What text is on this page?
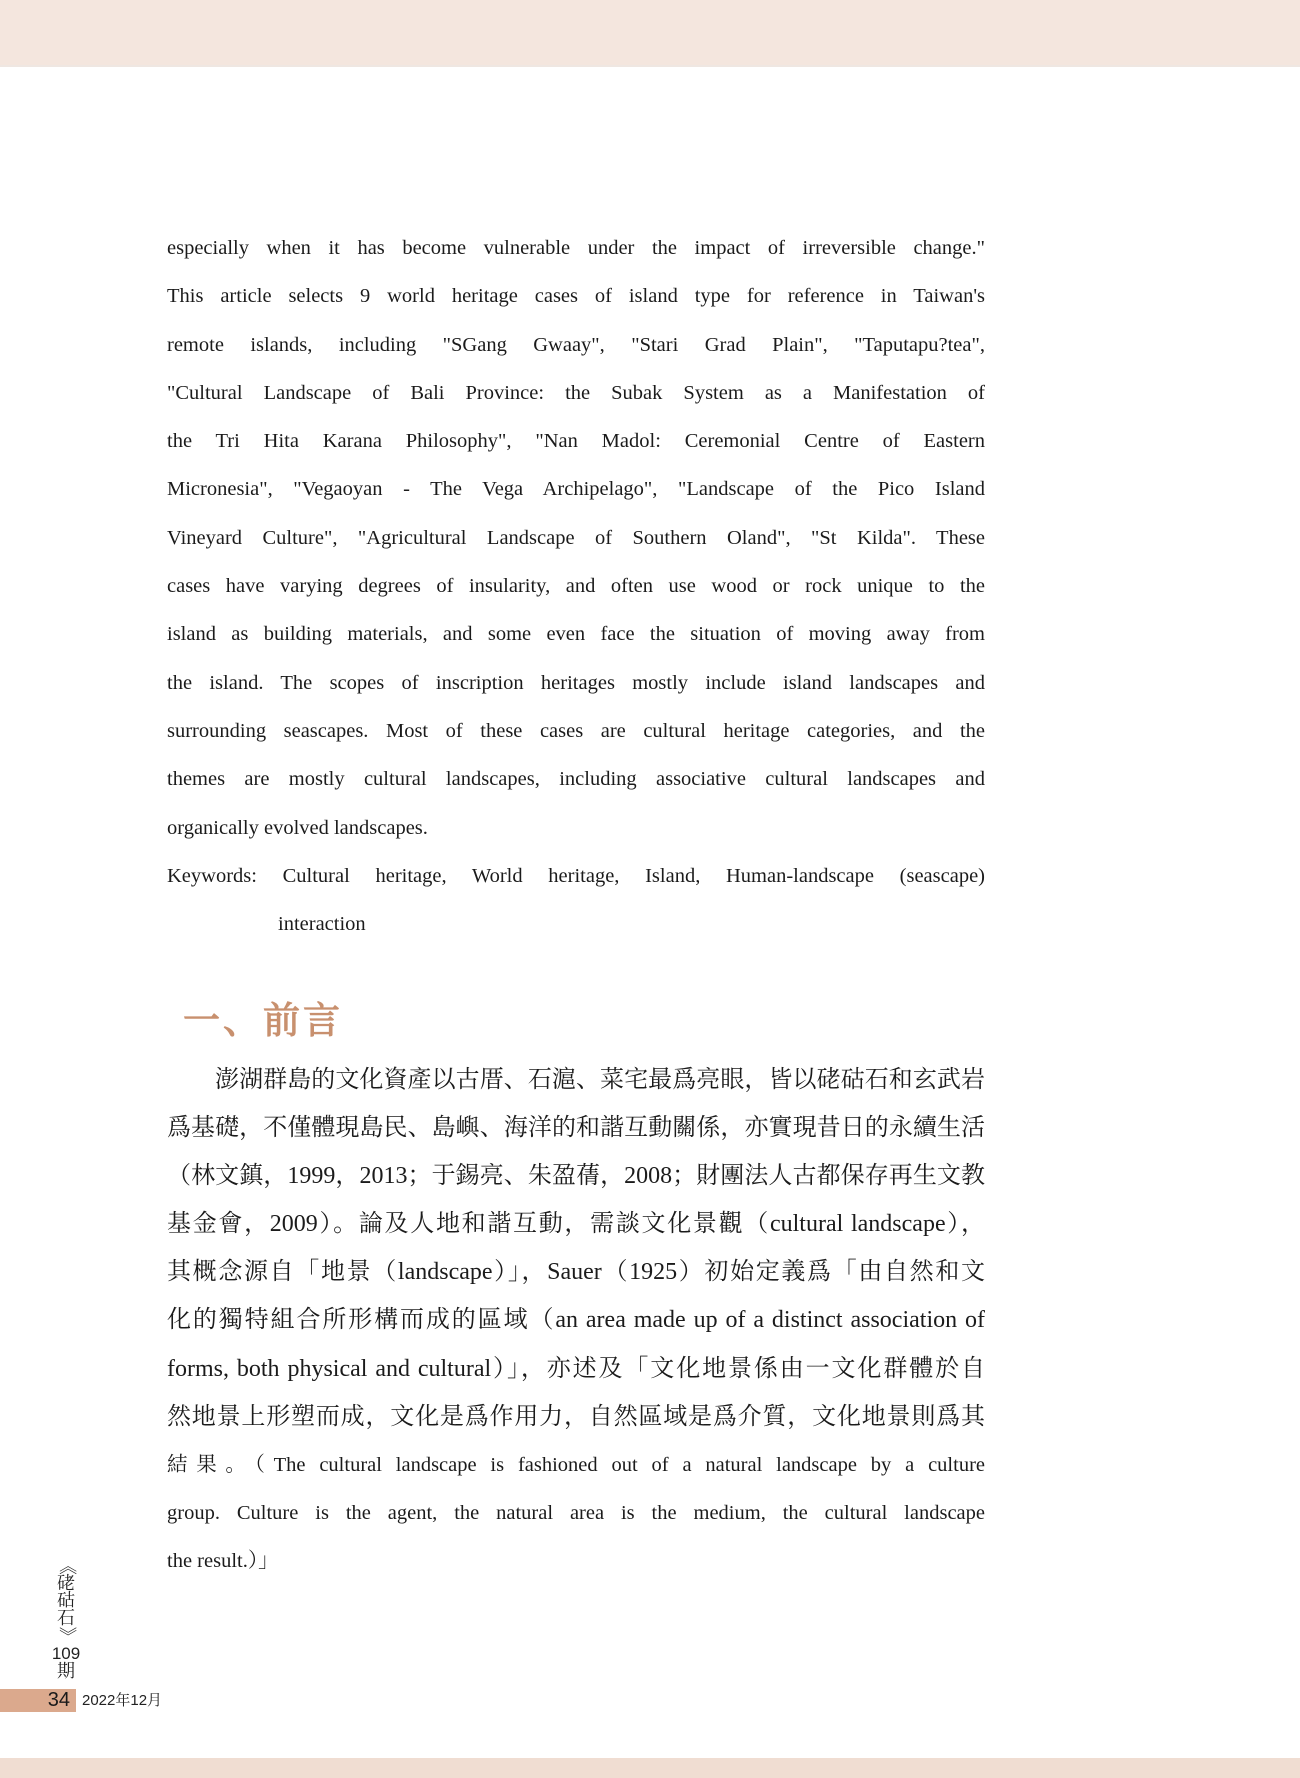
especially when it has become vulnerable under the impact of irreversible change."
This article selects 9 world heritage cases of island type for reference in Taiwan's
remote islands, including "SGang Gwaay", "Stari Grad Plain", "Taputapu?tea",
"Cultural Landscape of Bali Province: the Subak System as a Manifestation of
the Tri Hita Karana Philosophy", "Nan Madol: Ceremonial Centre of Eastern
Micronesia", "Vegaoyan - The Vega Archipelago", "Landscape of the Pico Island
Vineyard Culture", "Agricultural Landscape of Southern Oland", "St Kilda". These
cases have varying degrees of insularity, and often use wood or rock unique to the
island as building materials, and some even face the situation of moving away from
the island. The scopes of inscription heritages mostly include island landscapes and
surrounding seascapes. Most of these cases are cultural heritage categories, and the
themes are mostly cultural landscapes, including associative cultural landscapes and
organically evolved landscapes.
Keywords: Cultural heritage, World heritage, Island, Human-landscape (seascape)
interaction
一、前言
澎湖群島的文化資產以古厝、石滬、菜宅最爲亮眼，皆以硓𥑮石和玄武岩
爲基礎，不僅體現島民、島嶼、海洋的和諧互動關係，亦實現昔日的永續生活
（林文鎮，1999，2013；于錫亮、朱盈蒨，2008；財團法人古都保存再生文教
基金會，2009）。論及人地和諧互動，需談文化景觀（cultural landscape），
其概念源自「地景（landscape）」，Sauer（1925）初始定義爲「由自然和文
化的獨特組合所形構而成的區域（an area made up of a distinct association of
forms, both physical and cultural）」，亦述及「文化地景係由一文化群體於自
然地景上形塑而成，文化是爲作用力，自然區域是爲介質，文化地景則爲其
結果。（The cultural landscape is fashioned out of a natural landscape by a culture
group. Culture is the agent, the natural area is the medium, the cultural landscape
the result.）」
《
硓
𥑮
石
》
109
期
34 2022年12月
